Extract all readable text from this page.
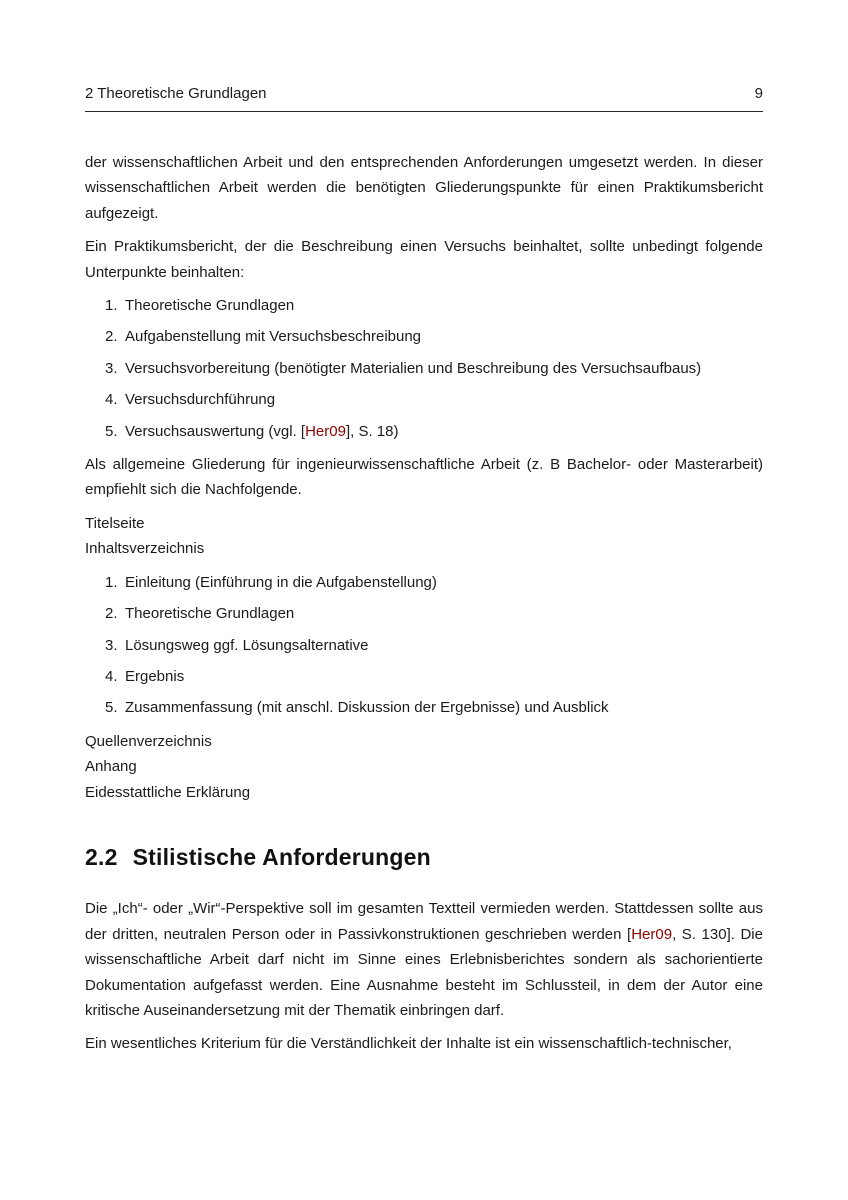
2 Theoretische Grundlagen	9

der wissenschaftlichen Arbeit und den entsprechenden Anforderungen umgesetzt werden. In dieser wissenschaftlichen Arbeit werden die benötigten Gliederungspunkte für einen Praktikumsbericht aufgezeigt.

Ein Praktikumsbericht, der die Beschreibung einen Versuchs beinhaltet, sollte unbedingt folgende Unterpunkte beinhalten:

1. Theoretische Grundlagen
2. Aufgabenstellung mit Versuchsbeschreibung
3. Versuchsvorbereitung (benötigter Materialien und Beschreibung des Versuchsaufbaus)
4. Versuchsdurchführung
5. Versuchsauswertung (vgl. [Her09], S. 18)

Als allgemeine Gliederung für ingenieurwissenschaftliche Arbeit (z. B Bachelor- oder Masterarbeit) empfiehlt sich die Nachfolgende.

Titelseite

Inhaltsverzeichnis

1. Einleitung (Einführung in die Aufgabenstellung)
2. Theoretische Grundlagen
3. Lösungsweg ggf. Lösungsalternative
4. Ergebnis
5. Zusammenfassung (mit anschl. Diskussion der Ergebnisse) und Ausblick

Quellenverzeichnis

Anhang

Eidesstattliche Erklärung

2.2 Stilistische Anforderungen

Die „Ich“- oder „Wir“-Perspektive soll im gesamten Textteil vermieden werden. Stattdessen sollte aus der dritten, neutralen Person oder in Passivkonstruktionen geschrieben werden [Her09, S. 130]. Die wissenschaftliche Arbeit darf nicht im Sinne eines Erlebnisberichtes sondern als sachorientierte Dokumentation aufgefasst werden. Eine Ausnahme besteht im Schlussteil, in dem der Autor eine kritische Auseinandersetzung mit der Thematik einbringen darf.

Ein wesentliches Kriterium für die Verständlichkeit der Inhalte ist ein wissenschaftlich-technischer,
